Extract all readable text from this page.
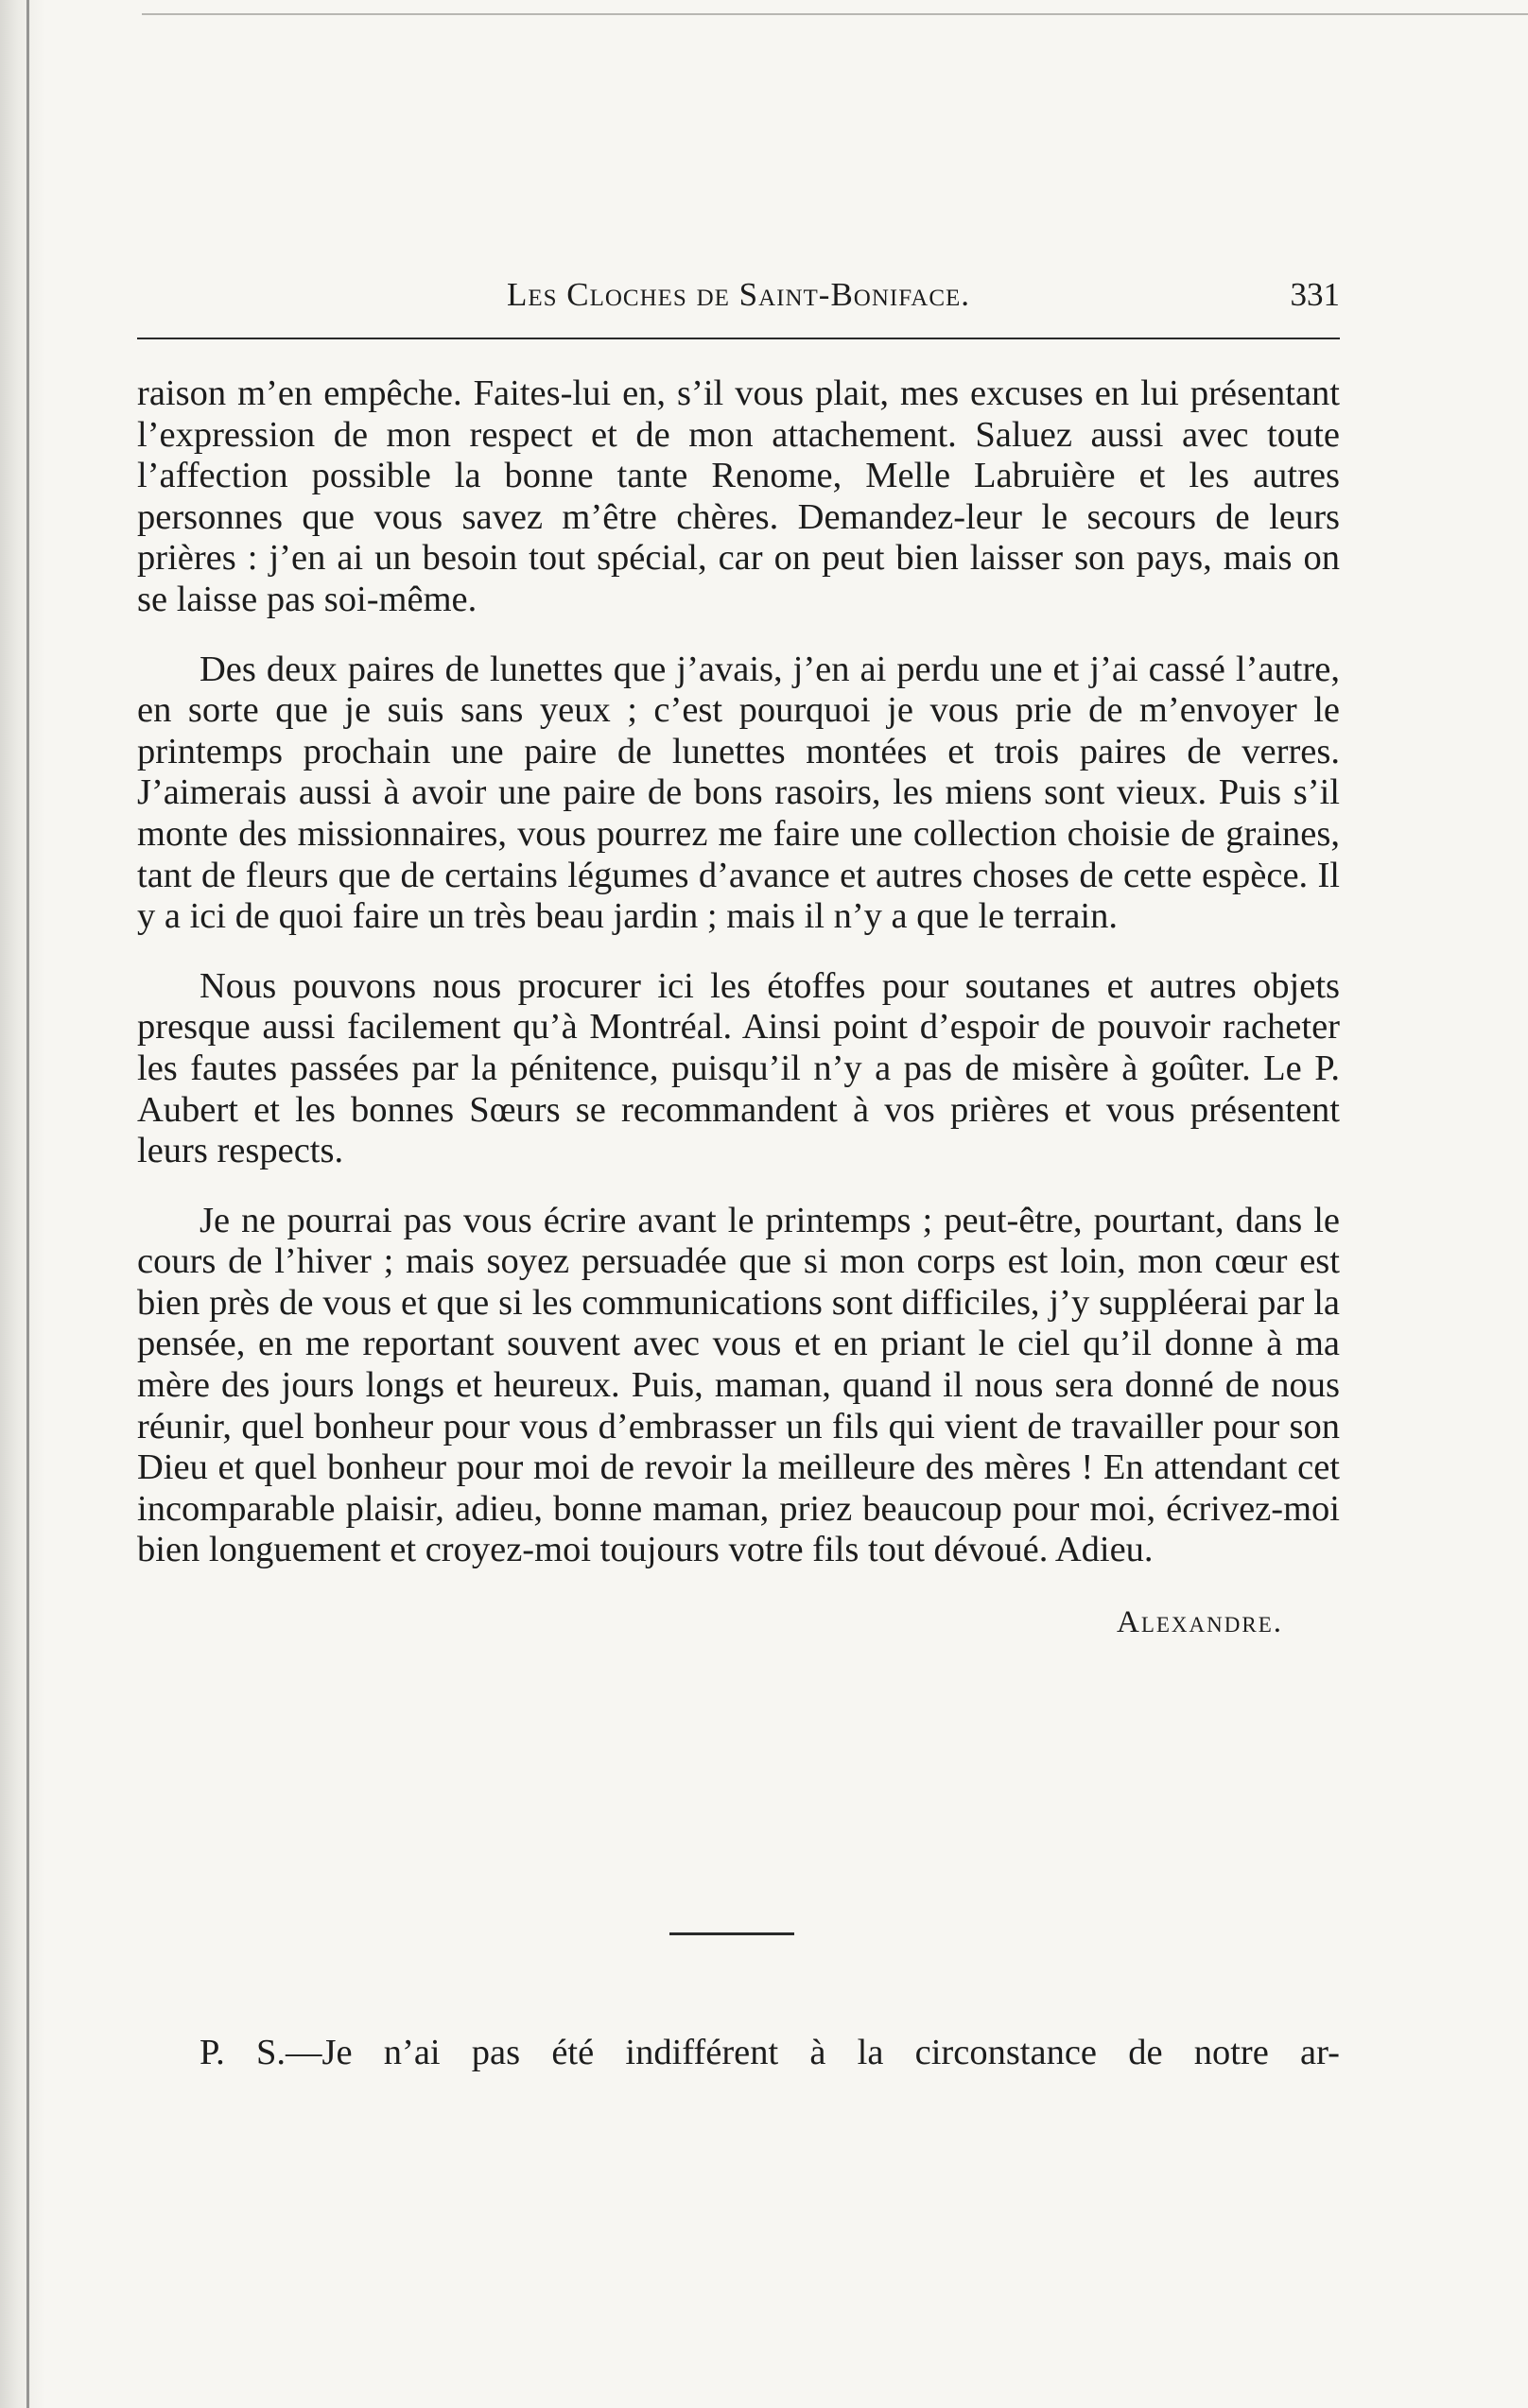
Les Cloches de Saint-Boniface.	331

raison m’en empêche. Faites-lui en, s’il vous plait, mes excuses en lui présentant l’expression de mon respect et de mon attachement. Saluez aussi avec toute l’affection possible la bonne tante Renome, Melle Labruière et les autres personnes que vous savez m’être chères. Demandez-leur le secours de leurs prières : j’en ai un besoin tout spécial, car on peut bien laisser son pays, mais on se laisse pas soi-même.

Des deux paires de lunettes que j’avais, j’en ai perdu une et j’ai cassé l’autre, en sorte que je suis sans yeux ; c’est pourquoi je vous prie de m’envoyer le printemps prochain une paire de lunettes montées et trois paires de verres. J’aimerais aussi à avoir une paire de bons rasoirs, les miens sont vieux. Puis s’il monte des missionnaires, vous pourrez me faire une collection choisie de graines, tant de fleurs que de certains légumes d’avance et autres choses de cette espèce. Il y a ici de quoi faire un très beau jardin ; mais il n’y a que le terrain.

Nous pouvons nous procurer ici les étoffes pour soutanes et autres objets presque aussi facilement qu’à Montréal. Ainsi point d’espoir de pouvoir racheter les fautes passées par la pénitence, puisqu’il n’y a pas de misère à goûter. Le P. Aubert et les bonnes Sœurs se recommandent à vos prières et vous présentent leurs respects.

Je ne pourrai pas vous écrire avant le printemps ; peut-être, pourtant, dans le cours de l’hiver ; mais soyez persuadée que si mon corps est loin, mon cœur est bien près de vous et que si les communications sont difficiles, j’y suppléerai par la pensée, en me reportant souvent avec vous et en priant le ciel qu’il donne à ma mère des jours longs et heureux. Puis, maman, quand il nous sera donné de nous réunir, quel bonheur pour vous d’embrasser un fils qui vient de travailler pour son Dieu et quel bonheur pour moi de revoir la meilleure des mères ! En attendant cet incomparable plaisir, adieu, bonne maman, priez beaucoup pour moi, écrivez-moi bien longuement et croyez-moi toujours votre fils tout dévoué. Adieu.

Alexandre.

P. S.—Je n’ai pas été indifférent à la circonstance de notre ar-
